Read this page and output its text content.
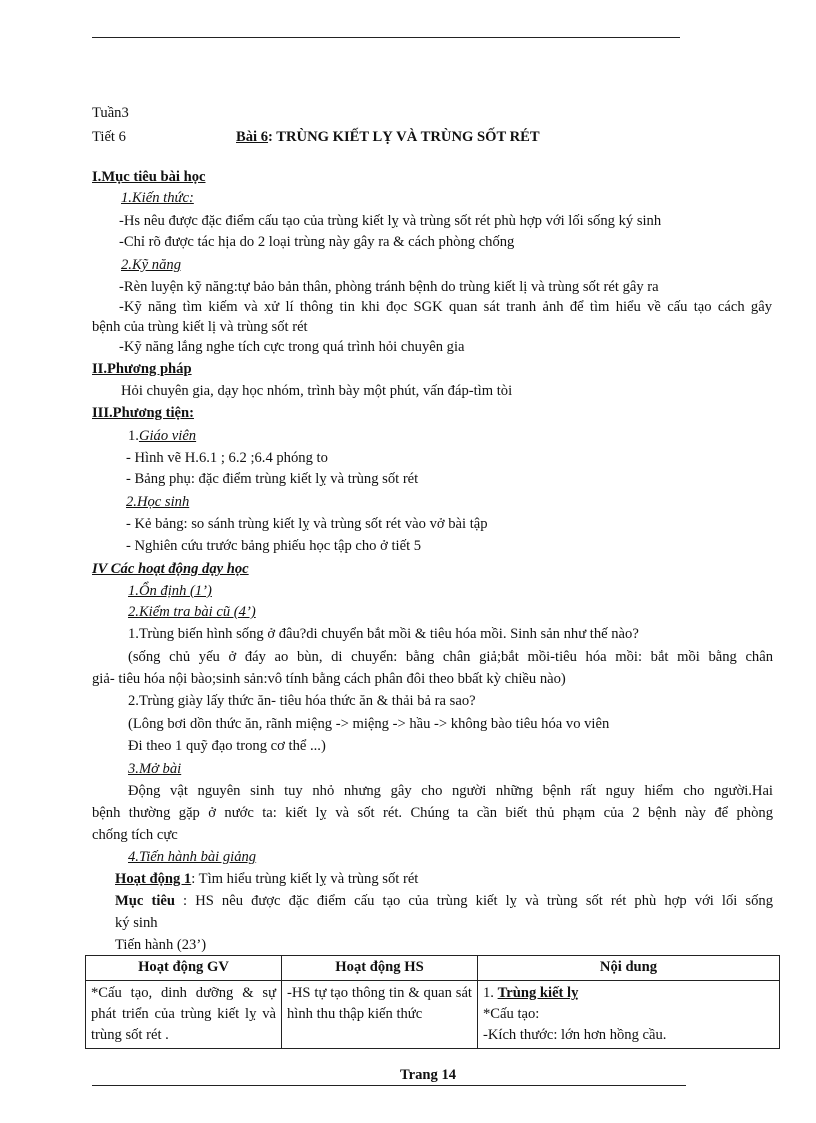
Tuần3
Tiết 6	Bài 6: TRÙNG KIẾT LỴ VÀ TRÙNG SỐT RÉT
I.Mục tiêu bài học
1.Kiến thức:
-Hs nêu được đặc điểm cấu tạo của trùng kiết lỵ và trùng sốt rét phù hợp với lối sống ký sinh
-Chỉ rõ được tác hịa do 2 loại trùng này gây ra & cách phòng chống
2.Kỹ năng
-Rèn luyện kỹ năng:tự bảo bản thân, phòng tránh bệnh do trùng kiết lị và trùng sốt rét gây ra
-Kỹ năng tìm kiếm và xử lí thông tin khi đọc SGK quan sát tranh ảnh để tìm hiểu về cấu tạo cách gây
bệnh của trùng kiết lị và trùng sốt rét
-Kỹ năng lắng nghe tích cực trong quá trình hỏi chuyên gia
II.Phương pháp
Hỏi chuyên gia, dạy học nhóm, trình bày một phút, vấn đáp-tìm tòi
III.Phương tiện:
1.Giáo viên
- Hình vẽ H.6.1 ; 6.2 ;6.4 phóng to
- Bảng phụ: đặc điểm trùng kiết lỵ và trùng sốt rét
2.Học sinh
- Kẻ bảng: so sánh trùng kiết lỵ và trùng sốt rét vào vở bài tập
- Nghiên cứu trước bảng phiếu học tập cho ở tiết 5
IV Các hoạt động dạy học
1.Ổn định (1’)
2.Kiểm tra bài cũ (4’)
1.Trùng biến hình sống ở đâu?di chuyển bắt mồi & tiêu hóa mồi. Sinh sản như thế nào?
(sống chủ yếu ở đáy ao bùn, di chuyển: bằng chân giả;bắt mồi-tiêu hóa mồi: bắt mồi bằng chân
giả- tiêu hóa nội bào;sinh sản:vô tính bằng cách phân đôi theo bbất kỳ chiều nào)
2.Trùng giày lấy thức ăn- tiêu hóa thức ăn & thải bả ra sao?
(Lông bơi dồn thức ăn, rãnh miệng -> miệng -> hầu -> không bào tiêu hóa vo viên
Đi theo 1 quỹ đạo trong cơ thể ...)
3.Mở bài
Động vật nguyên sinh tuy nhỏ nhưng gây cho người những bệnh rất nguy hiểm cho người.Hai
bệnh thường gặp ở nước ta: kiết lỵ và sốt rét. Chúng ta cần biết thủ phạm của 2 bệnh này để phòng
chống tích cực
4.Tiến hành bài giảng
Hoạt động 1: Tìm hiểu trùng kiết lỵ và trùng sốt rét
Mục tiêu : HS nêu được đặc điểm cấu tạo của trùng kiết lỵ và trùng sốt rét phù hợp với lối sống
ký sinh
Tiến hành (23’)
Hoạt động GV	Hoạt động HS	Nội dung

*Cấu tạo, dinh dưỡng & sự phát triển của trùng kiết lỵ và trùng sốt rét .	-HS tự tạo thông tin & quan sát hình thu thập kiến thức	1. Trùng kiết lỵ
*Cấu tạo:
-Kích thước: lớn hơn hồng cầu.
Trang 14
